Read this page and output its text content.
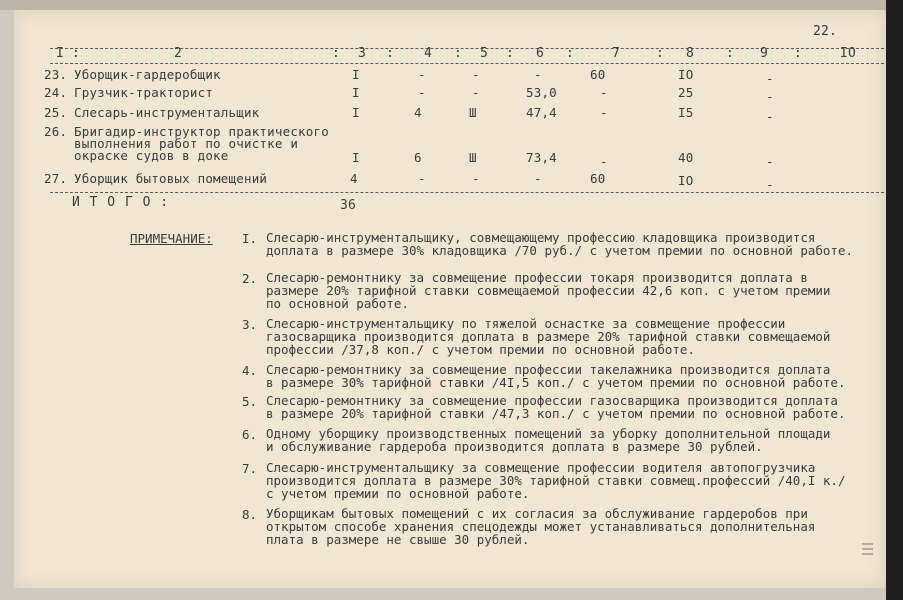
22.
I :	2	: 3 : 4 : 5 : 6 :	7	: 8 : 9 :	IO
23. Уборщик-гардеробщик	I	-	-	-	60	IO	-
24. Грузчик-тракторист	I	-	-	53,0	-	25	-
25. Слесарь-инструментальщик	I	4	Ш	47,4	-	I5	-
26. Бригадир-инструктор практического
выполнения работ по очистке и
окраске судов в доке	I	6	Ш	73,4	-	40	-
27. Уборщик бытовых помещений	4	-	-	-	60	IO	-
И Т О Г О :	36
ПРИМЕЧАНИЕ: I. Слесарю-инструментальщику, совмещающему профессию кладовщика производится
доплата в размере 30% кладовщика /70 руб./ с учетом премии по основной работе.
2. Слесарю-ремонтнику за совмещение профессии токаря производится доплата в
размере 20% тарифной ставки совмещаемой профессии 42,6 коп. с учетом премии
по основной работе.
3. Слесарю-инструментальщику по тяжелой оснастке за совмещение профессии
газосварщика производится доплата в размере 20% тарифной ставки совмещаемой
профессии /37,8 коп./ с учетом премии по основной работе.
4. Слесарю-ремонтнику за совмещение профессии такелажника производится доплата
в размере 30% тарифной ставки /4I,5 коп./ с учетом премии по основной работе.
5. Слесарю-ремонтнику за совмещение профессии газосварщика производится доплата
в размере 20% тарифной ставки /47,3 коп./ с учетом премии по основной работе.
6. Одному уборщику производственных помещений за уборку дополнительной площади
и обслуживание гардероба производится доплата в размере 30 рублей.
7. Слесарю-инструментальщику за совмещение профессии водителя автопогрузчика
производится доплата в размере 30% тарифной ставки совмещ.профессий /40,I к./
с учетом премии по основной работе.
8. Уборщикам бытовых помещений с их согласия за обслуживание гардеробов при
открытом способе хранения спецодежды может устанавливаться дополнительная
плата в размере не свыше 30 рублей.
